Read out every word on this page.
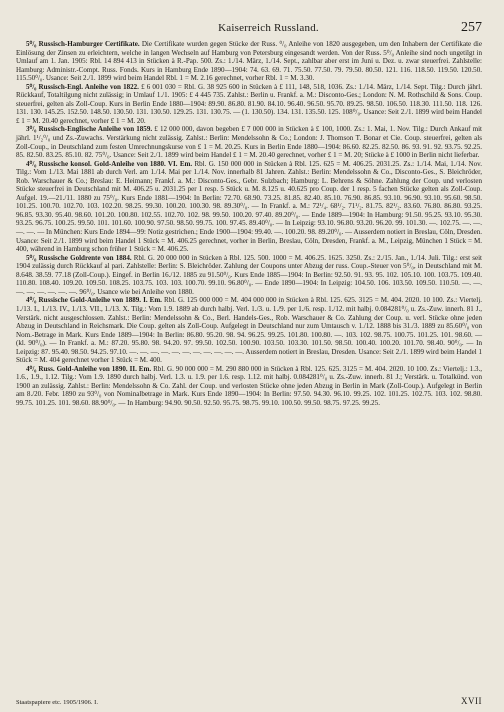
Kaiserreich Russland.	257

5⁰/₀ Russisch-Hamburger Certifikate. Die Certifikate wurden gegen Stücke der Russ. ⁰/₀ Anleihe von 1820 ausgegeben, um den Inhabern der Certifikate die Einlösung der Zinsen zu erleichtern, welche in langen Wechseln auf Hamburg von Petersburg eingesandt werden. Von der Russ. 5⁰/₀ Anleihe sind noch ungetilgt in Umlauf am 1. Jan. 1905: Rbl. 14 894 413 in Stücken à R.-Pap. 500. Zs.: 1./14. März, 1./14. Sept., zahlbar aber erst im Juni u. Dez. u. zwar steuerfrei. Zahlstelle: Hamburg: Administr.-Compt. Russ. Fonds. Kurs in Hamburg Ende 1890—1904: 74. 63. 69. 71. 75.50. 77.50. 79. 79.50. 80.50. 121. 116. 118.50. 119.50. 120.50. 115.50⁰/₀. Usance: Seit 2./1. 1899 wird beim Handel Rbl. 1 = M. 2.16 gerechnet, vorher Rbl. 1 = M. 3.30.

5⁰/₀ Russisch-Engl. Anleihe von 1822. £ 6 001 030 = Rbl. G. 38 925 600 in Stücken à £ 111, 148, 518, 1036. Zs.: 1./14. März, 1./14. Sept. Tilg.: Durch jährl. Rückkauf, Totaltilgung nicht zulässig; in Umlauf 1./1. 1905: £ 4 445 735. Zahlst.: Berlin u. Frankf. a. M.: Disconto-Ges.; London: N. M. Rothschild & Sons. Coup. steuerfrei, gelten als Zoll-Coup. Kurs in Berlin Ende 1880—1904: 89.90. 86.80. 81.90. 84.10. 96.40. 96.50. 95.70. 89.25. 98.50. 106.50. 118.30. 111.50. 118. 126. 131. 130. 145.25. 152.50. 148.50. 130.50. 131. 130.50. 129.25. 131. 130.75. — (1. 130.50). 134. 131. 135.50. 125. 108⁰/₀. Usance: Seit 2./1. 1899 wird beim Handel £ 1 = M. 20.40 gerechnet, vorher £ 1 = M. 20.

3⁰/₀ Russisch-Englische Anleihe von 1859. £ 12 000 000, davon begeben £ 7 000 000 in Stücken à £ 100, 1000. Zs.: 1. Mai, 1. Nov. Tilg.: Durch Ankauf mit jährl. 1¹/₂⁰/₀ und Zs.-Zuwachs. Verstärkung nicht zulässig. Zahlst.: Berlin: Mendelssohn & Co.; London: J. Thomson T. Bonar et Cie. Coup. steuerfrei, gelten als Zoll-Coup., in Deutschland zum festen Umrechnungskurse von £ 1 = M. 20.25. Kurs in Berlin Ende 1880—1904: 86.60. 82.25. 82.50. 86. 93. 91. 92. 93.75. 92.25. 85. 82.50. 83.25. 85.10. 82. 75⁰/₀. Usance: Seit 2./1. 1899 wird beim Handel £ 1 = M. 20.40 gerechnet, vorher £ 1 = M. 20; Stücke à £ 1000 in Berlin nicht lieferbar.

4⁰/₀ Russische konsol. Gold-Anleihe von 1880. VI. Em. Rbl. G. 150 000 000 in Stücken à Rbl. 125. 625 = M. 406.25. 2031.25. Zs.: 1./14. Mai, 1./14. Nov. Tilg.: Vom 1./13. Mai 1881 ab durch Verl. am 1./14. Mai per 1./14. Nov. innerhalb 81 Jahren. Zahlst.: Berlin: Mendelssohn & Co., Disconto-Ges., S. Bleichröder, Rob. Warschauer & Co.; Breslau: E. Heimann; Frankf. a. M.: Disconto-Ges., Gebr. Sulzbach; Hamburg: L. Behrens & Söhne. Zahlung der Coup. und verlosten Stücke steuerfrei in Deutschland mit M. 406.25 u. 2031.25 per 1 resp. 5 Stück u. M. 8.125 u. 40.625 pro Coup. der 1 resp. 5 fachen Stücke gelten als Zoll-Coup. Aufgel. 19.—21./11. 1880 zu 75⁰/₀. Kurs Ende 1881—1904: In Berlin: 72.70. 68.90. 73.25. 81.85. 82.40. 85.10. 76.90. 86.85. 93.10. 96.90. 93.10. 95.60. 98.50. 101.25. 100.70. 102.70. 103. 102.20. 98.25. 99.30. 100.20. 100.30. 98. 89.30⁰/₀. — In Frankf. a. M.: 72¹/₄. 68¹/₂. 71¹/₂. 81.75. 82¹/₂. 83.60. 76.80. 86.80. 93.25. 96.85. 93.30. 95.40. 98.60. 101.20. 100.80. 102.55. 102.70. 102. 98. 99.50. 100.20. 97.40. 89.20⁰/₀. — Ende 1889—1904: In Hamburg: 91.50. 95.25. 93.10. 95.30. 93.25. 96.75. 100.25. 99.50. 101. 101.60. 100.90. 97.50. 98.50. 99.75. 100. 97.45. 89.40⁰/₀. — In Leipzig: 93.10. 96.80. 93.20. 96.20. 99. 101.30. —. 102.75. —. —. —. —. — In München: Kurs Ende 1894—99: Notiz gestrichen.; Ende 1900—1904: 99.40. —. 100.20. 98. 89.20⁰/₀. — Ausserdem notiert in Breslau, Cöln, Dresden. Usance: Seit 2./1. 1899 wird beim Handel 1 Stück = M. 406.25 gerechnet, vorher in Berlin, Breslau, Cöln, Dresden, Frankf. a. M., Leipzig, München 1 Stück = M. 400, während in Hamburg schon früher 1 Stück = M. 406.25.

5⁰/₀ Russische Goldrente von 1884. Rbl. G. 20 000 000 in Stücken à Rbl. 125. 500. 1000 = M. 406.25. 1625. 3250. Zs.: 2./15. Jan., 1./14. Juli. Tilg.: erst seit 1904 zulässig durch Rückkauf al pari. Zahlstelle: Berlin: S. Bleichröder. Zahlung der Coupons unter Abzug der russ. Coup.-Steuer von 5⁰/₀, in Deutschland mit M. 8.648. 38.59. 77.18 (Zoll-Coup.). Eingef. in Berlin 16./12. 1885 zu 91.50⁰/₀. Kurs Ende 1885—1904: In Berlin: 92.50. 91. 93. 95. 102. 105.10. 100. 103.75. 109.40. 110.80. 108.40. 109.20. 109.50. 108.25. 103.75. 103. 103. 100.70. 99.10. 96.80⁰/₀. — Ende 1890—1904: In Leipzig: 104.50. 106. 103.50. 109.50. 110.50. —. —. —. —. —. —. —. —. 96⁰/₀. Usance wie bei Anleihe von 1880.

4⁰/₀ Russische Gold-Anleihe von 1889. I. Em. Rbl. G. 125 000 000 = M. 404 000 000 in Stücken à Rbl. 125. 625. 3125 = M. 404. 2020. 10 100. Zs.: Viertelj. 1./13. I., 1./13. IV., 1./13. VII., 1./13. X. Tilg.: Vom 1.9. 1889 ab durch halbj. Verl. 1./3. u. 1./9. per 1./6. resp. 1./12. mit halbj. 0.084281⁰/₀ u. Zs.-Zuw. innerh. 81 J., Verstärk. nicht ausgeschlossen. Zahlst.: Berlin: Mendelssohn & Co., Berl. Handels-Ges., Rob. Warschauer & Co. Zahlung der Coup. u. verl. Stücke ohne jeden Abzug in Deutschland in Reichsmark. Die Coup. gelten als Zoll-Coup. Aufgelegt in Deutschland nur zum Umtausch v. 1./12. 1888 bis 31./3. 1889 zu 85.60⁰/₀ von Nom.-Betrage in Mark. Kurs Ende 1889—1904: In Berlin: 86.80. 95.20. 98. 94. 96.25. 99.25. 101.80. 100.80. —. 103. 102. 98.75. 100.75. 101.25. 101. 98.60. — (kl. 90⁰/₀). — In Frankf. a. M.: 87.20. 95.80. 98. 94.20. 97. 99.50. 102.50. 100.90. 103.50. 103.30. 101.50. 98.50. 100.40. 100.20. 101.70. 98.40. 90⁰/₀. — In Leipzig: 87. 95.40. 98.50. 94.25. 97.10. —. —. —. —. —. —. —. —. —. —. —. Ausserdem notiert in Breslau, Dresden. Usance: Seit 2./1. 1899 wird beim Handel 1 Stück = M. 404 gerechnet vorher 1 Stück = M. 400.

4⁰/₀ Russ. Gold-Anleihe von 1890. II. Em. Rbl. G. 90 000 000 = M. 290 880 000 in Stücken à Rbl. 125. 625. 3125 = M. 404. 2020. 10 100. Zs.: Viertelj.: 1.3., 1.6., 1.9., 1.12. Tilg.: Vom 1.9. 1890 durch halbj. Verl. 1.3. u. 1.9. per 1.6. resp. 1.12. mit halbj. 0.084281⁰/₀ u. Zs.-Zuw. innerh. 81 J.; Verstärk. u. Totalkünd. von 1900 an zulässig. Zahlst.: Berlin: Mendelssohn & Co. Zahl. der Coup. und verlosten Stücke ohne jeden Abzug in Berlin in Mark (Zoll-Coup.). Aufgelegt in Berlin am 8./20. Febr. 1890 zu 93⁰/₀ von Nominalbetrage in Mark. Kurs Ende 1890—1904: In Berlin: 97.50. 94.30. 96.10. 99.25. 102. 101.25. 102.75. 103. 102. 98.80. 99.75. 101.25. 101. 98.60. 88.90⁰/₀. — In Hamburg: 94.90. 90.50. 92.50. 95.75. 98.75. 99.10. 100.50. 99.50. 98.75. 97.25. 99.25.

Staatspapiere etc. 1905/1906. I.	XVII
